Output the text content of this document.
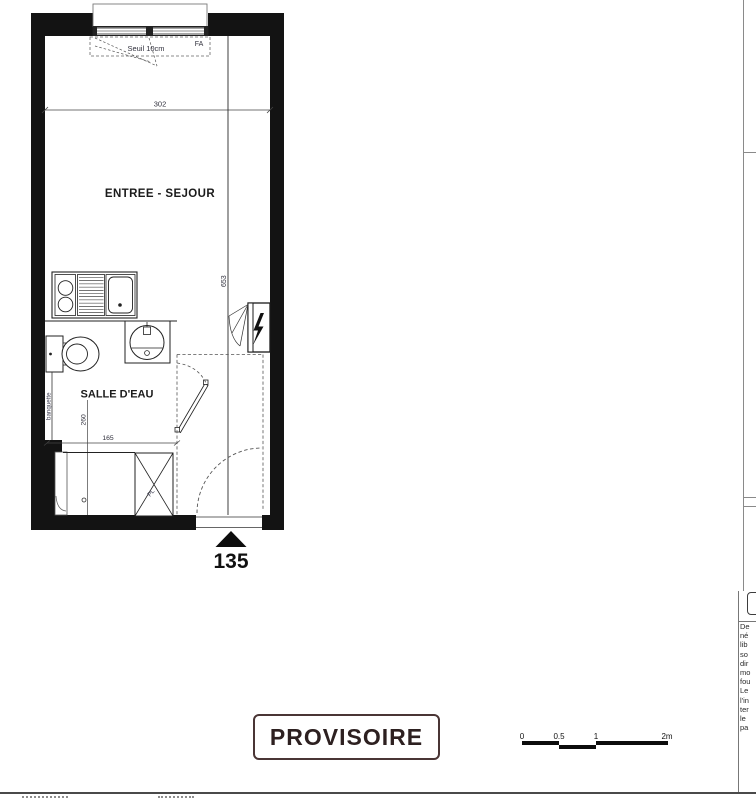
Seuil 10cm	FA
302
653
ENTREE - SEJOUR
SALLE D'EAU
banquette	260
165
PL
135
PROVISOIRE	0	0.5	1	2m
De
né
lib
so
dir
mo
fou
Le
l'in
ter
le
pa
